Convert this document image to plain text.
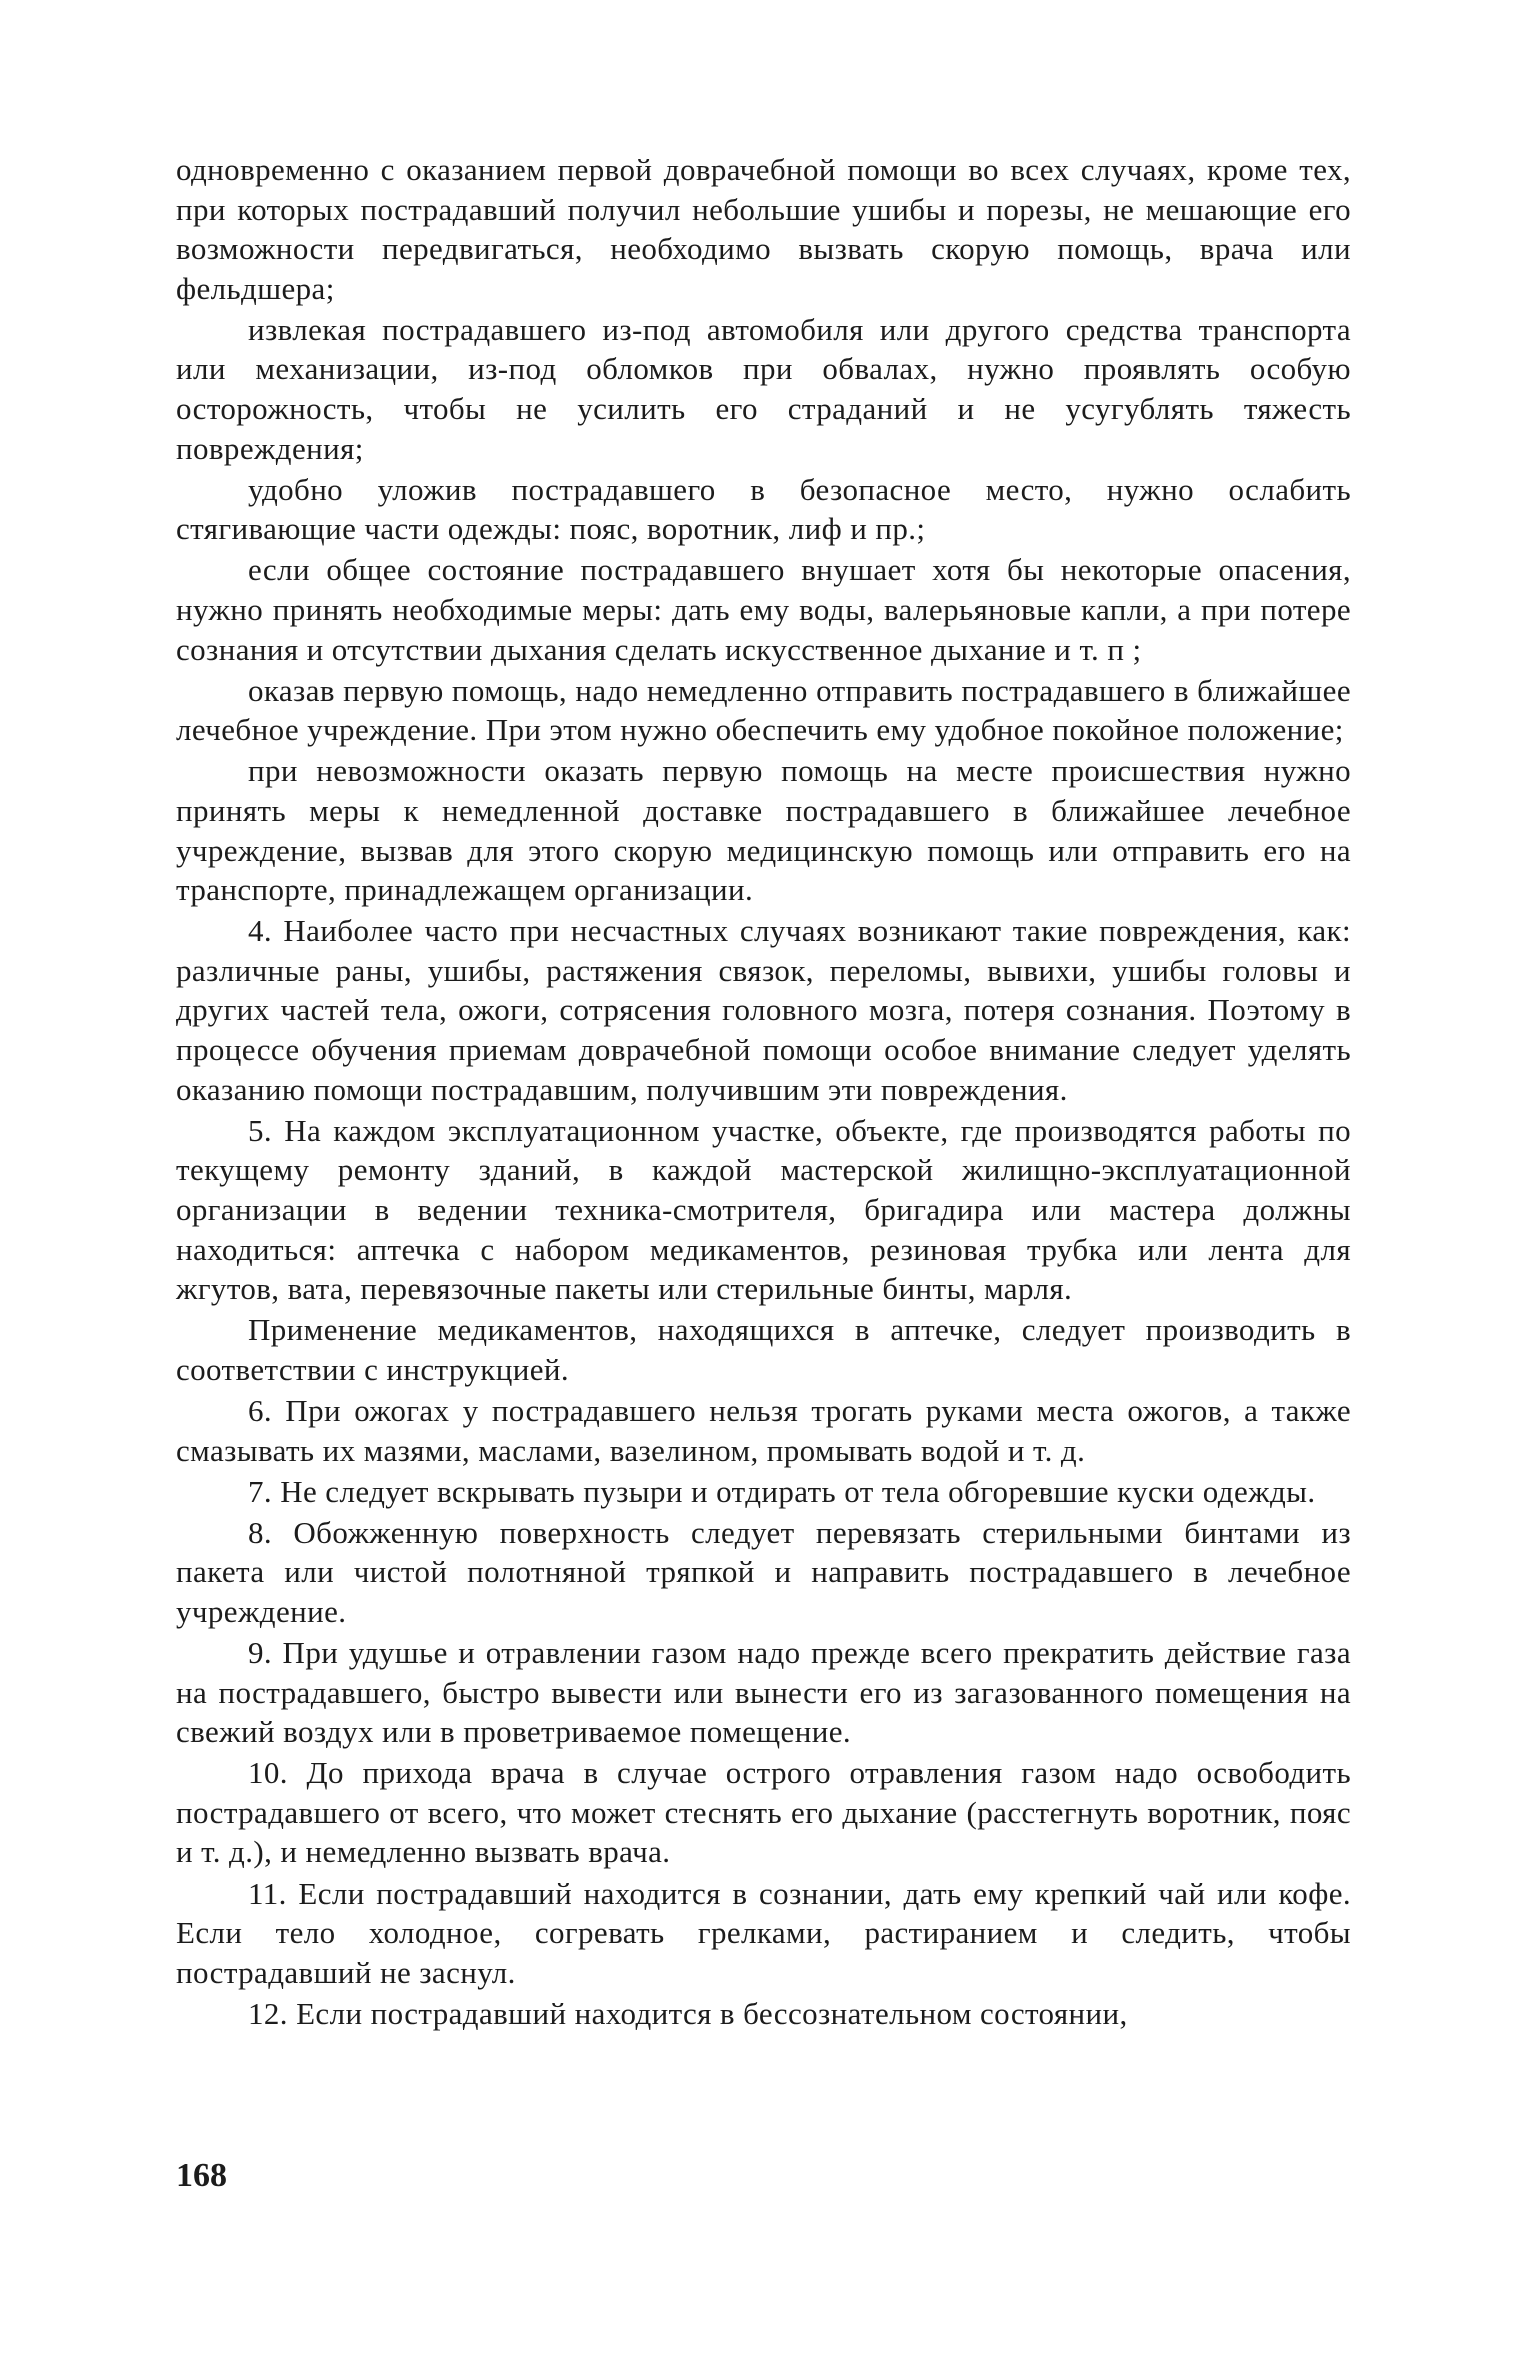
одновременно с оказанием первой доврачебной помощи во всех случаях, кроме тех, при которых пострадавший получил небольшие ушибы и порезы, не мешающие его возможности передвигаться, необходимо вызвать скорую помощь, врача или фельдшера;

извлекая пострадавшего из-под автомобиля или другого средства транспорта или механизации, из-под обломков при обвалах, нужно проявлять особую осторожность, чтобы не усилить его страданий и не усугублять тяжесть повреждения;

удобно уложив пострадавшего в безопасное место, нужно ослабить стягивающие части одежды: пояс, воротник, лиф и пр.;

если общее состояние пострадавшего внушает хотя бы некоторые опасения, нужно принять необходимые меры: дать ему воды, валерьяновые капли, а при потере сознания и отсутствии дыхания сделать искусственное дыхание и т. п ;

оказав первую помощь, надо немедленно отправить пострадавшего в ближайшее лечебное учреждение. При этом нужно обеспечить ему удобное покойное положение;

при невозможности оказать первую помощь на месте происшествия нужно принять меры к немедленной доставке пострадавшего в ближайшее лечебное учреждение, вызвав для этого скорую медицинскую помощь или отправить его на транспорте, принадлежащем организации.

4. Наиболее часто при несчастных случаях возникают такие повреждения, как: различные раны, ушибы, растяжения связок, переломы, вывихи, ушибы головы и других частей тела, ожоги, сотрясения головного мозга, потеря сознания. Поэтому в процессе обучения приемам доврачебной помощи особое внимание следует уделять оказанию помощи пострадавшим, получившим эти повреждения.

5. На каждом эксплуатационном участке, объекте, где производятся работы по текущему ремонту зданий, в каждой мастерской жилищно-эксплуатационной организации в ведении техника-смотрителя, бригадира или мастера должны находиться: аптечка с набором медикаментов, резиновая трубка или лента для жгутов, вата, перевязочные пакеты или стерильные бинты, марля.

Применение медикаментов, находящихся в аптечке, следует производить в соответствии с инструкцией.

6. При ожогах у пострадавшего нельзя трогать руками места ожогов, а также смазывать их мазями, маслами, вазелином, промывать водой и т. д.

7. Не следует вскрывать пузыри и отдирать от тела обгоревшие куски одежды.

8. Обожженную поверхность следует перевязать стерильными бинтами из пакета или чистой полотняной тряпкой и направить пострадавшего в лечебное учреждение.

9. При удушье и отравлении газом надо прежде всего прекратить действие газа на пострадавшего, быстро вывести или вынести его из загазованного помещения на свежий воздух или в проветриваемое помещение.

10. До прихода врача в случае острого отравления газом надо освободить пострадавшего от всего, что может стеснять его дыхание (расстегнуть воротник, пояс и т. д.), и немедленно вызвать врача.

11. Если пострадавший находится в сознании, дать ему крепкий чай или кофе. Если тело холодное, согревать грелками, растиранием и следить, чтобы пострадавший не заснул.

12. Если пострадавший находится в бессознательном состоянии,

168
